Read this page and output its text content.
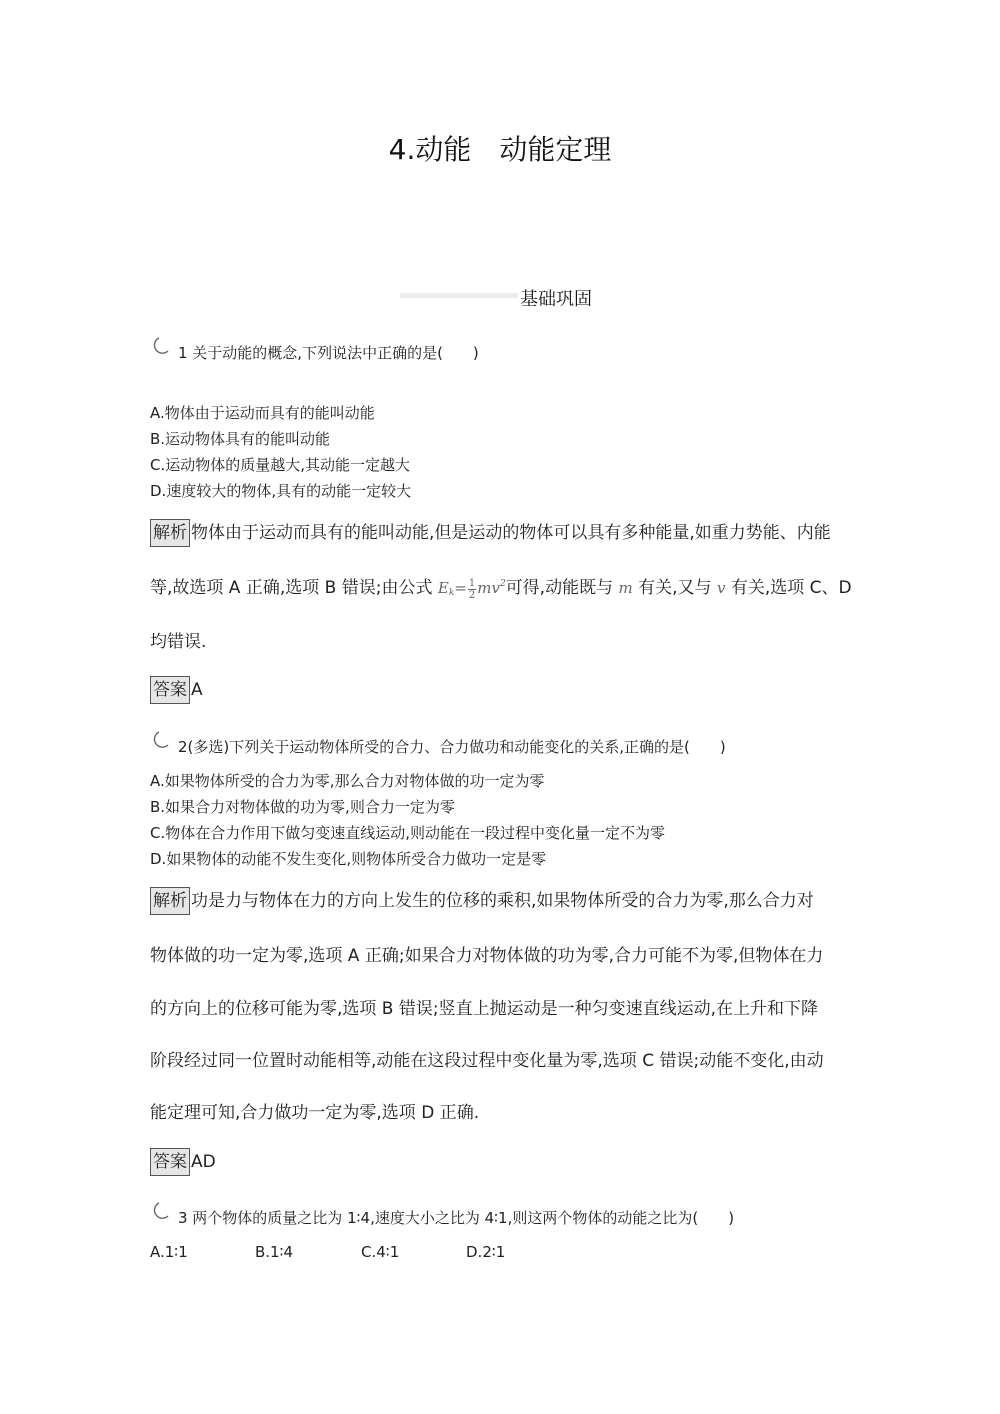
4.动能　动能定理
基础巩固
1 关于动能的概念,下列说法中正确的是(　　)
A.物体由于运动而具有的能叫动能
B.运动物体具有的能叫动能
C.运动物体的质量越大,其动能一定越大
D.速度较大的物体,具有的动能一定较大
解析 物体由于运动而具有的能叫动能,但是运动的物体可以具有多种能量,如重力势能、内能
等,故选项 A 正确,选项 B 错误;由公式 $E_k= \frac{1}{2} mv^2$可得,动能既与 m 有关,又与 v 有关,选项 C、D
均错误.
答案 A
2(多选)下列关于运动物体所受的合力、合力做功和动能变化的关系,正确的是(　　)
A.如果物体所受的合力为零,那么合力对物体做的功一定为零
B.如果合力对物体做的功为零,则合力一定为零
C.物体在合力作用下做匀变速直线运动,则动能在一段过程中变化量一定不为零
D.如果物体的动能不发生变化,则物体所受合力做功一定是零
解析 功是力与物体在力的方向上发生的位移的乘积,如果物体所受的合力为零,那么合力对
物体做的功一定为零,选项 A 正确;如果合力对物体做的功为零,合力可能不为零,但物体在力
的方向上的位移可能为零,选项 B 错误;竖直上抛运动是一种匀变速直线运动,在上升和下降
阶段经过同一位置时动能相等,动能在这段过程中变化量为零,选项 C 错误;动能不变化,由动
能定理可知,合力做功一定为零,选项 D 正确.
答案 AD
3 两个物体的质量之比为 1∶4,速度大小之比为 4∶1,则这两个物体的动能之比为(　　)
A.1∶1	B.1∶4	C.4∶1	D.2∶1
